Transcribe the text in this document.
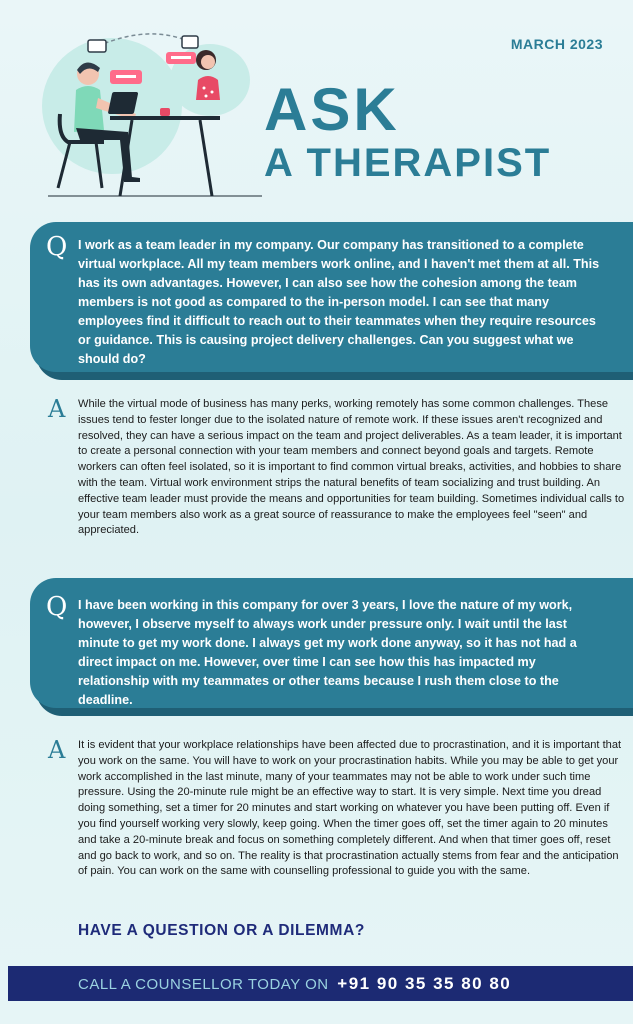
MARCH 2023
ASK
A THERAPIST
Q I work as a team leader in my company. Our company has transitioned to a complete virtual workplace. All my team members work online, and I haven't met them at all. This has its own advantages. However, I can also see how the cohesion among the team members is not good as compared to the in-person model. I can see that many employees find it difficult to reach out to their teammates when they require resources or guidance. This is causing project delivery challenges. Can you suggest what we should do?
A While the virtual mode of business has many perks, working remotely has some common challenges. These issues tend to fester longer due to the isolated nature of remote work. If these issues aren't recognized and resolved, they can have a serious impact on the team and project deliverables. As a team leader, it is important to create a personal connection with your team members and connect beyond goals and targets. Remote workers can often feel isolated, so it is important to find common virtual breaks, activities, and hobbies to share with the team. Virtual work environment strips the natural benefits of team socializing and trust building. An effective team leader must provide the means and opportunities for team building. Sometimes individual calls to your team members also work as a great source of reassurance to make the employees feel "seen" and appreciated.
Q I have been working in this company for over 3 years, I love the nature of my work, however, I observe myself to always work under pressure only. I wait until the last minute to get my work done. I always get my work done anyway, so it has not had a direct impact on me. However, over time I can see how this has impacted my relationship with my teammates or other teams because I rush them close to the deadline.
A It is evident that your workplace relationships have been affected due to procrastination, and it is important that you work on the same. You will have to work on your procrastination habits. While you may be able to get your work accomplished in the last minute, many of your teammates may not be able to work under such time pressure. Using the 20-minute rule might be an effective way to start. It is very simple. Next time you dread doing something, set a timer for 20 minutes and start working on whatever you have been putting off. Even if you find yourself working very slowly, keep going. When the timer goes off, set the timer again to 20 minutes and take a 20-minute break and focus on something completely different. And when that timer goes off, reset and go back to work, and so on. The reality is that procrastination actually stems from fear and the anticipation of pain. You can work on the same with counselling professional to guide you with the same.
HAVE A QUESTION OR A DILEMMA?
CALL A COUNSELLOR TODAY ON +91 90 35 35 80 80
